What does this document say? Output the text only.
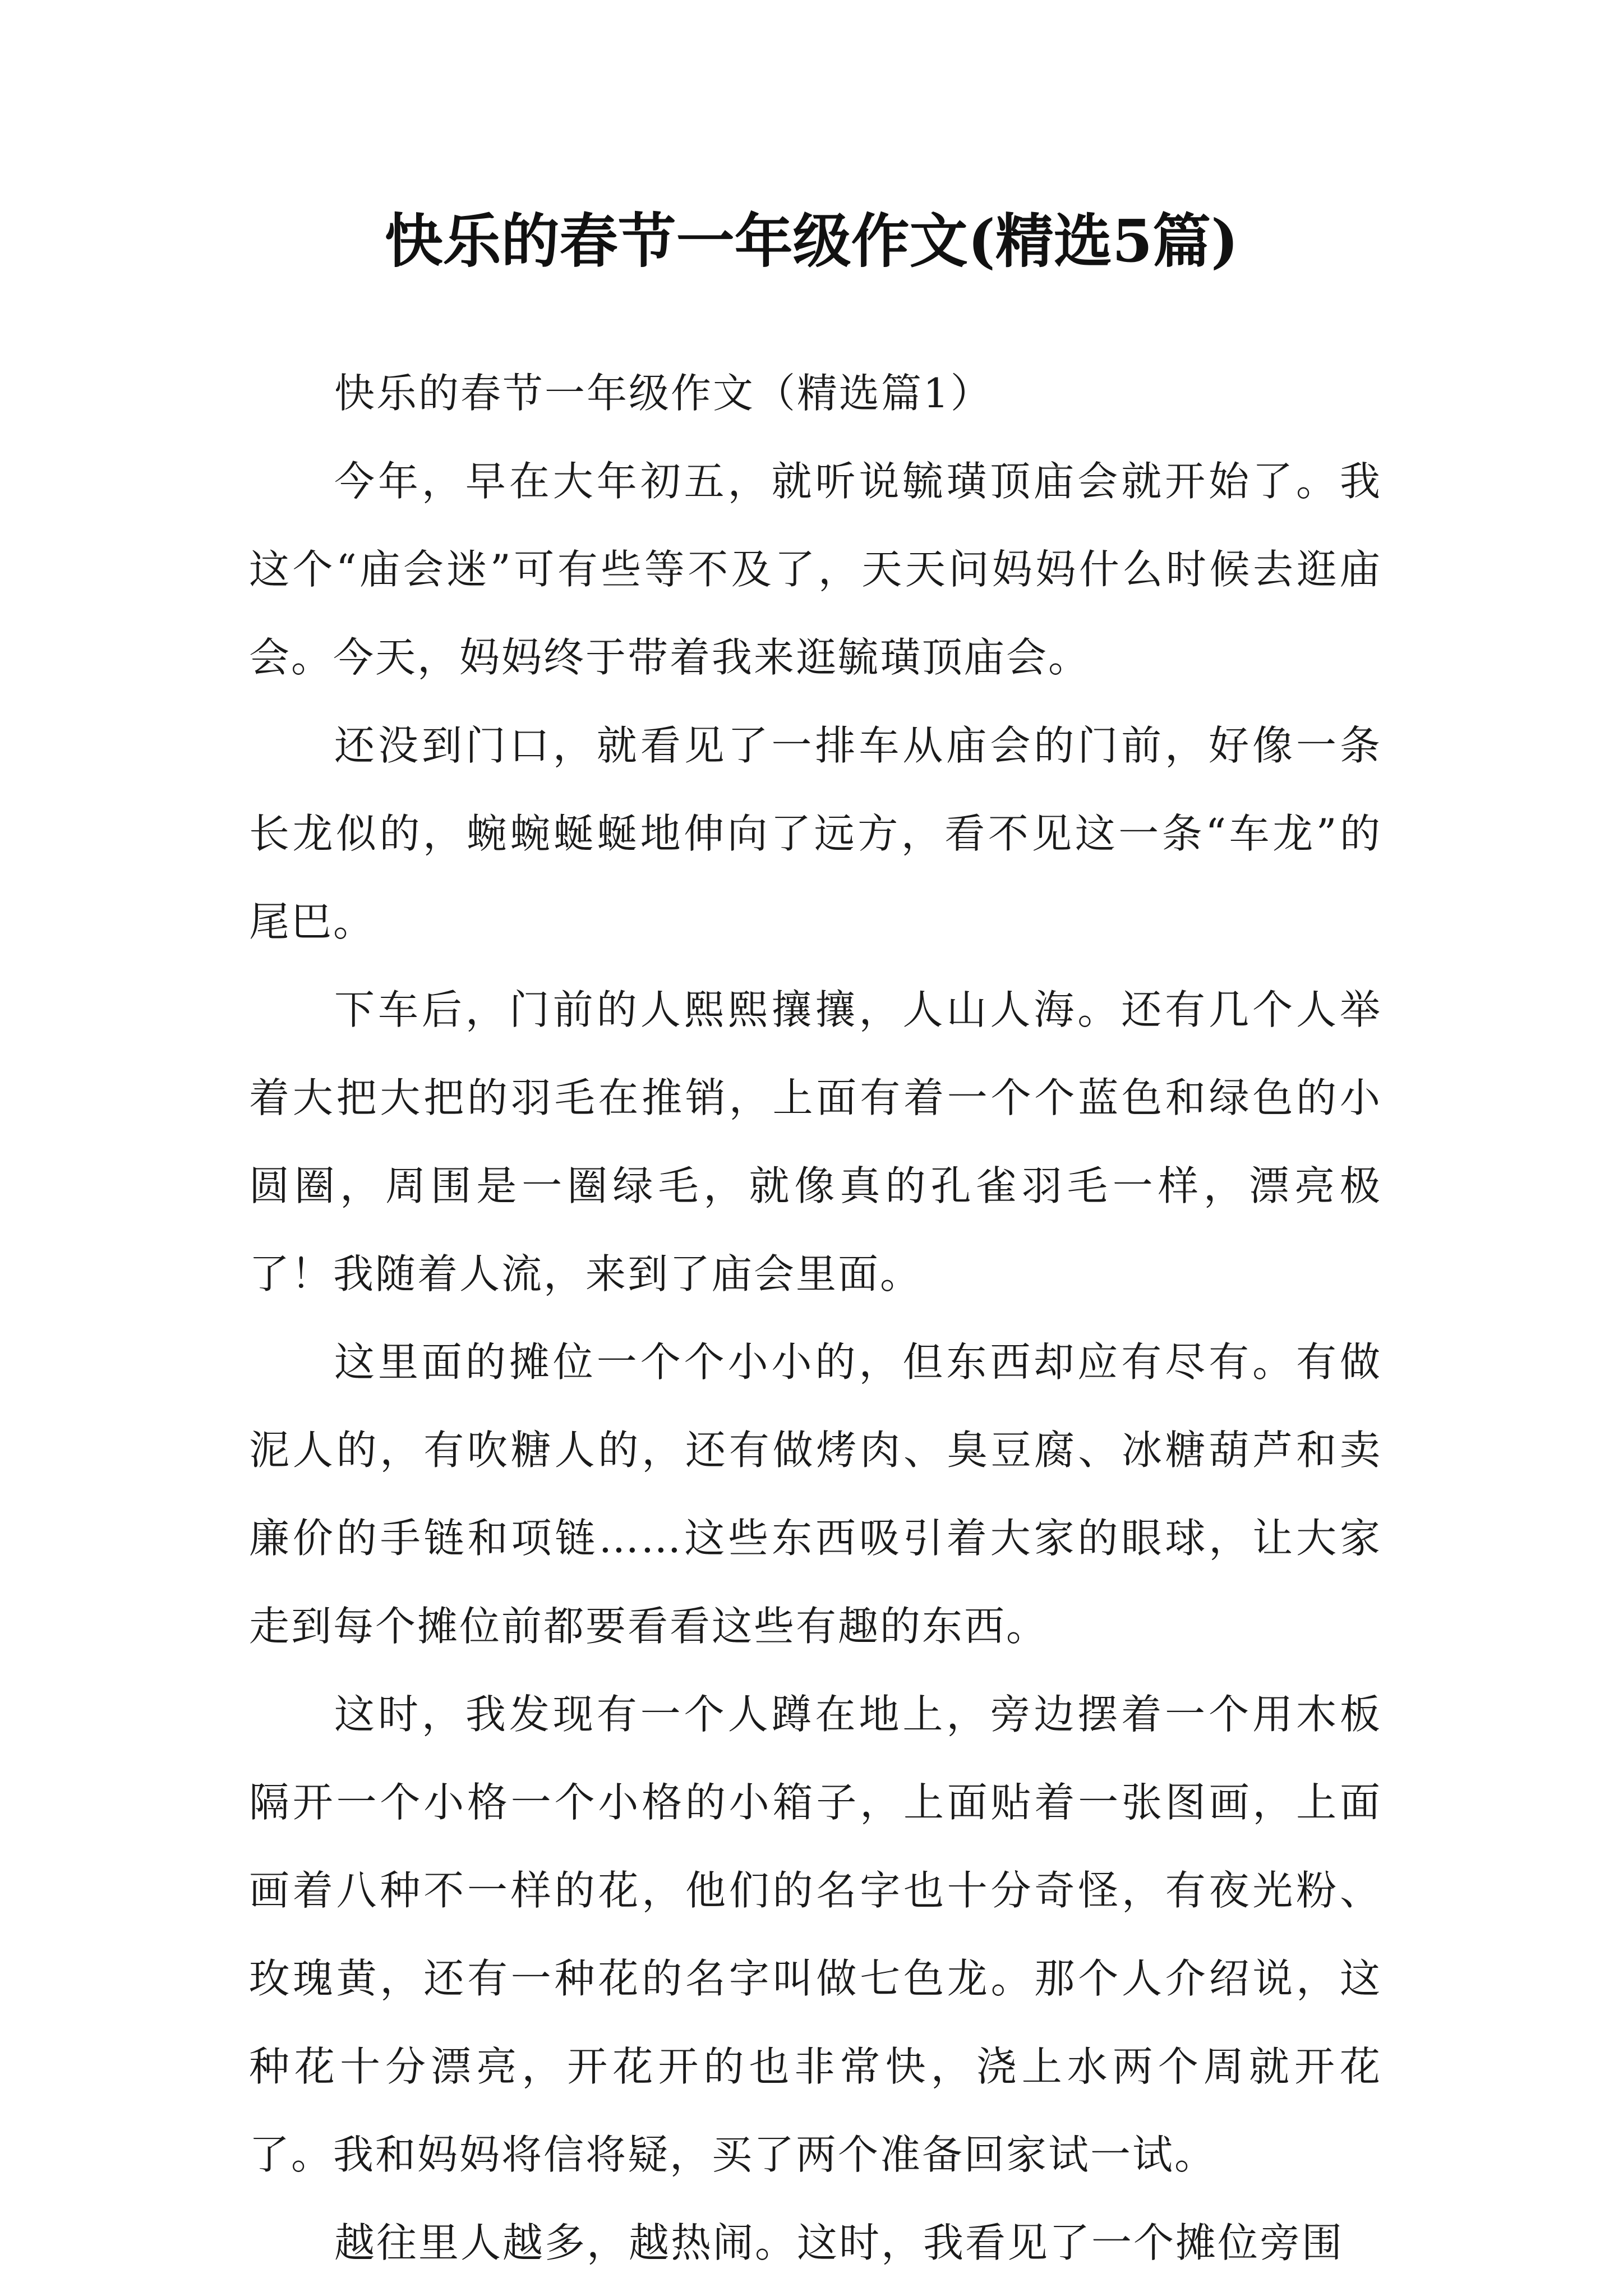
快乐的春节一年级作文(精选5篇)

快乐的春节一年级作文（精选篇1）

今年，早在大年初五，就听说毓璜顶庙会就开始了。我这个“庙会迷”可有些等不及了，天天问妈妈什么时候去逛庙会。今天，妈妈终于带着我来逛毓璜顶庙会。

还没到门口，就看见了一排车从庙会的门前，好像一条长龙似的，蜿蜿蜒蜒地伸向了远方，看不见这一条“车龙”的尾巴。

下车后，门前的人熙熙攘攘，人山人海。还有几个人举着大把大把的羽毛在推销，上面有着一个个蓝色和绿色的小圆圈，周围是一圈绿毛，就像真的孔雀羽毛一样，漂亮极了！我随着人流，来到了庙会里面。

这里面的摊位一个个小小的，但东西却应有尽有。有做泥人的，有吹糖人的，还有做烤肉、臭豆腐、冰糖葫芦和卖廉价的手链和项链……这些东西吸引着大家的眼球，让大家走到每个摊位前都要看看这些有趣的东西。

这时，我发现有一个人蹲在地上，旁边摆着一个用木板隔开一个小格一个小格的小箱子，上面贴着一张图画，上面画着八种不一样的花，他们的名字也十分奇怪，有夜光粉、玫瑰黄，还有一种花的名字叫做七色龙。那个人介绍说，这种花十分漂亮，开花开的也非常快，浇上水两个周就开花了。我和妈妈将信将疑，买了两个准备回家试一试。

越往里人越多，越热闹。这时，我看见了一个摊位旁围
